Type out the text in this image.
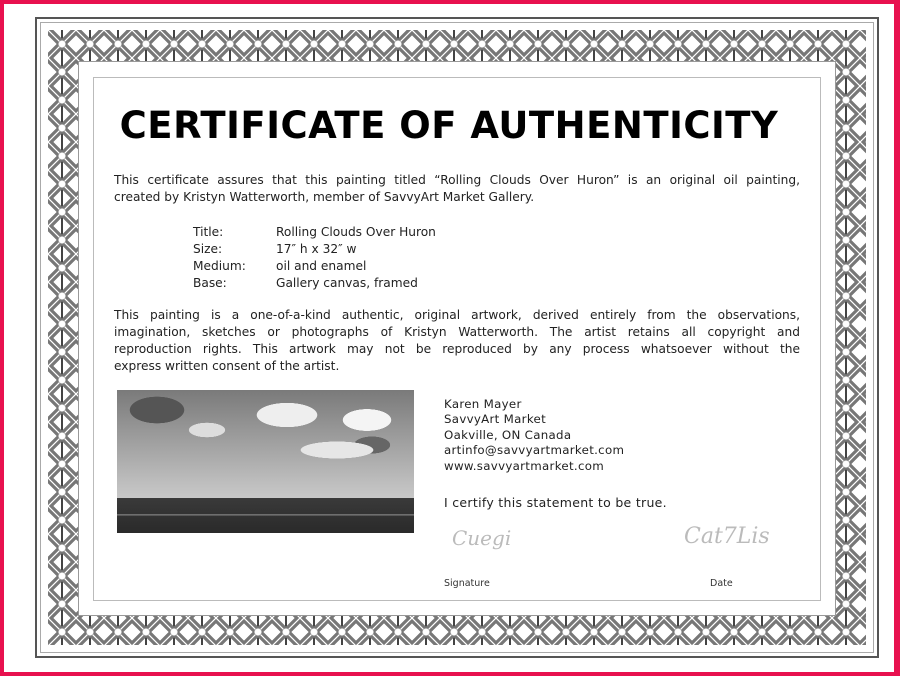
CERTIFICATE OF AUTHENTICITY
This certificate assures that this painting titled “Rolling Clouds Over Huron” is an original oil painting,
created by Kristyn Watterworth, member of SavvyArt Market Gallery.
Title:	Rolling Clouds Over Huron
Size:	17″ h x 32″ w
Medium:	oil and enamel
Base:	Gallery canvas, framed
This painting is a one-of-a-kind authentic, original artwork, derived entirely from the observations,
imagination, sketches or photographs of Kristyn Watterworth. The artist retains all copyright and
reproduction rights. This artwork may not be reproduced by any process whatsoever without the
express written consent of the artist.
Karen Mayer
SavvyArt Market
Oakville, ON Canada
artinfo@savvyartmarket.com
www.savvyartmarket.com
I certify this statement to be true.
Cuegi	Cat7Lis
Signature	Date
